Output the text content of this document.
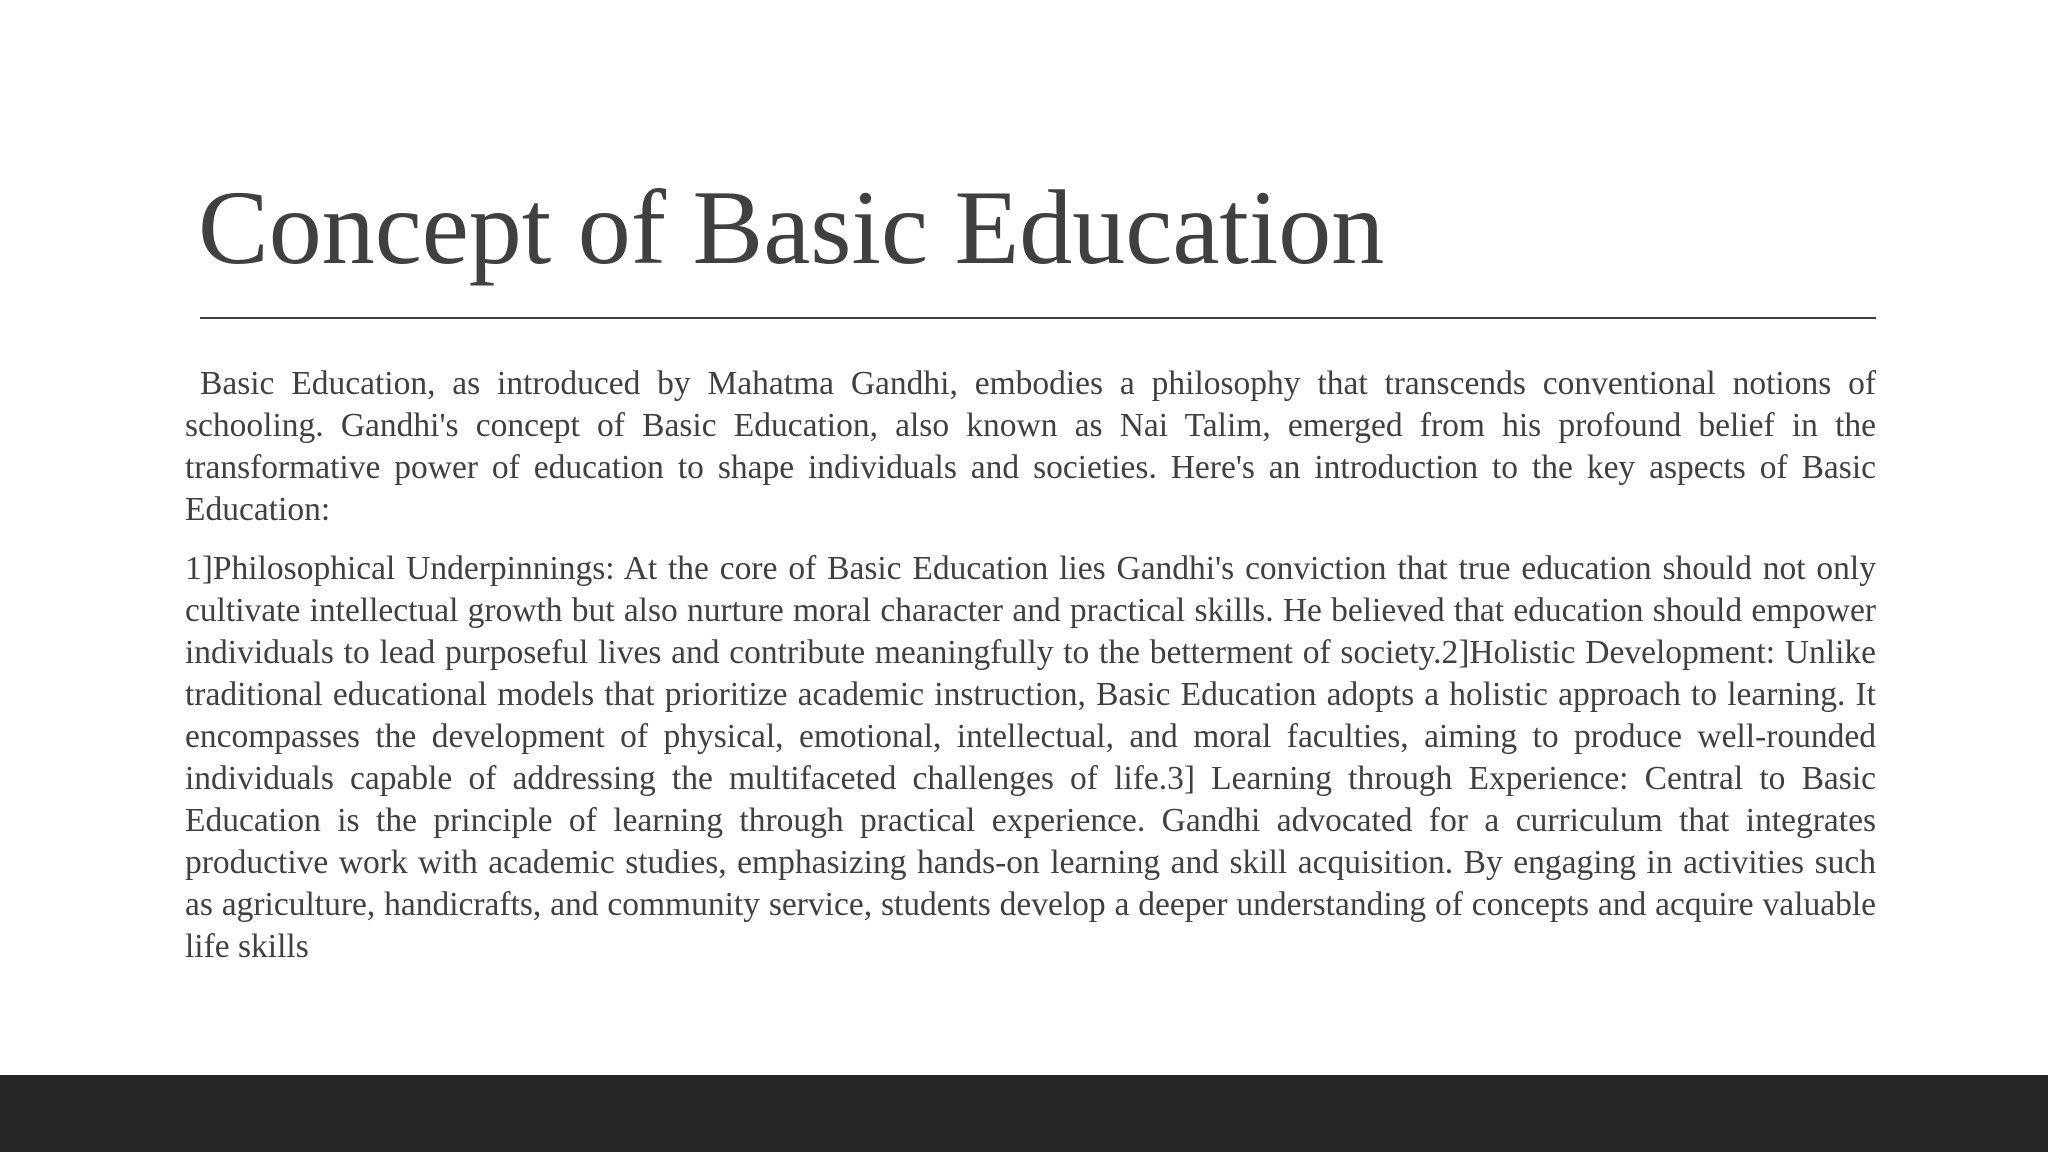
Concept of Basic Education

Basic Education, as introduced by Mahatma Gandhi, embodies a philosophy that transcends conventional notions of schooling. Gandhi's concept of Basic Education, also known as Nai Talim, emerged from his profound belief in the transformative power of education to shape individuals and societies. Here's an introduction to the key aspects of Basic Education:

1]Philosophical Underpinnings: At the core of Basic Education lies Gandhi's conviction that true education should not only cultivate intellectual growth but also nurture moral character and practical skills. He believed that education should empower individuals to lead purposeful lives and contribute meaningfully to the betterment of society.2]Holistic Development: Unlike traditional educational models that prioritize academic instruction, Basic Education adopts a holistic approach to learning. It encompasses the development of physical, emotional, intellectual, and moral faculties, aiming to produce well-rounded individuals capable of addressing the multifaceted challenges of life.3] Learning through Experience: Central to Basic Education is the principle of learning through practical experience. Gandhi advocated for a curriculum that integrates productive work with academic studies, emphasizing hands-on learning and skill acquisition. By engaging in activities such as agriculture, handicrafts, and community service, students develop a deeper understanding of concepts and acquire valuable life skills
